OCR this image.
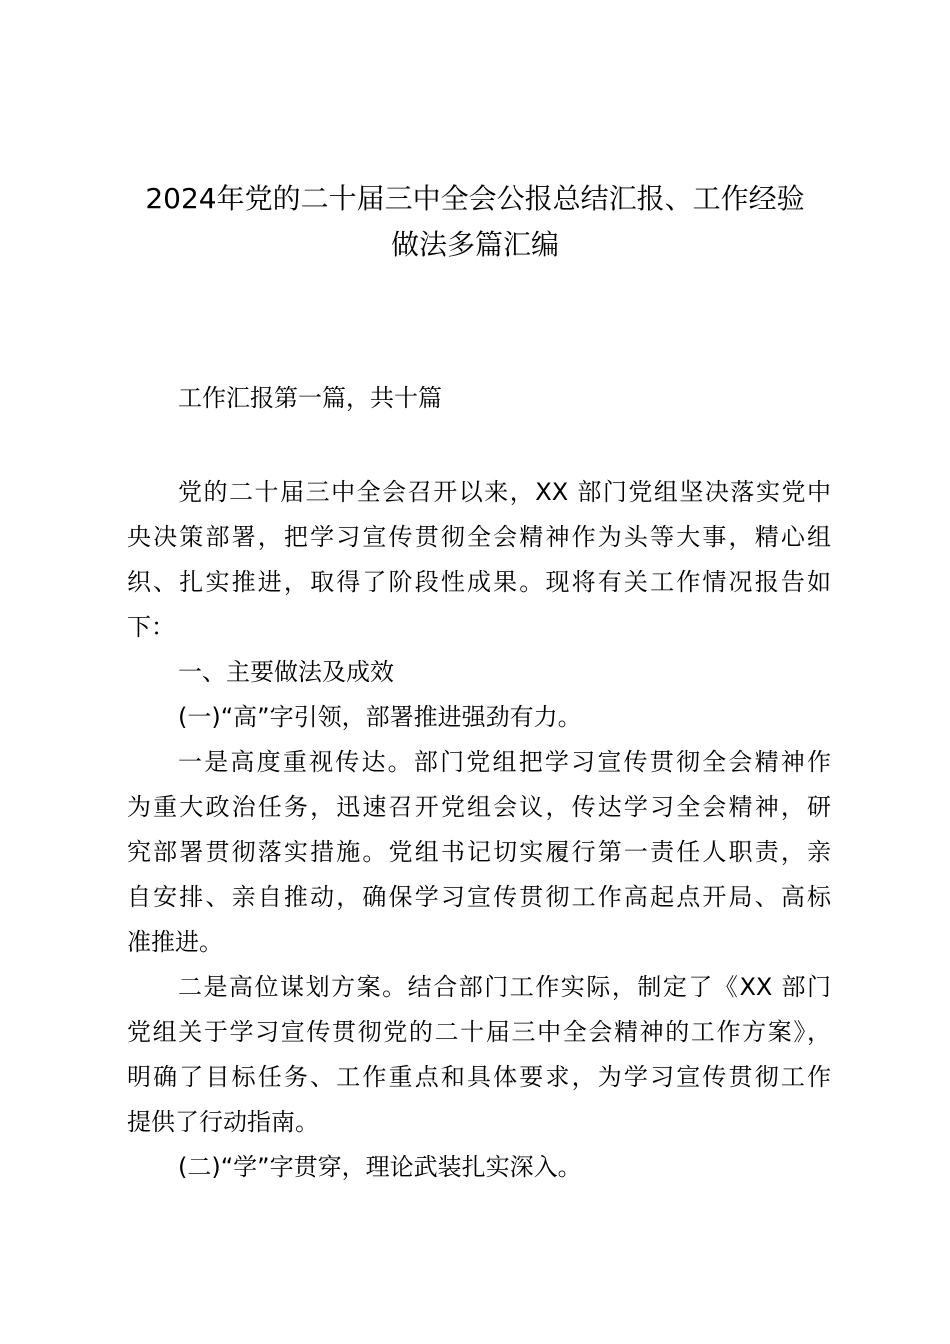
2024年党的二十届三中全会公报总结汇报、工作经验
做法多篇汇编

工作汇报第一篇，共十篇

党的二十届三中全会召开以来，XX 部门党组坚决落实党中
央决策部署，把学习宣传贯彻全会精神作为头等大事，精心组
织、扎实推进，取得了阶段性成果。现将有关工作情况报告如
下：

一、主要做法及成效

(一)“高”字引领，部署推进强劲有力。

一是高度重视传达。部门党组把学习宣传贯彻全会精神作
为重大政治任务，迅速召开党组会议，传达学习全会精神，研
究部署贯彻落实措施。党组书记切实履行第一责任人职责，亲
自安排、亲自推动，确保学习宣传贯彻工作高起点开局、高标
准推进。

二是高位谋划方案。结合部门工作实际，制定了《XX 部门
党组关于学习宣传贯彻党的二十届三中全会精神的工作方案》，
明确了目标任务、工作重点和具体要求，为学习宣传贯彻工作
提供了行动指南。

(二)“学”字贯穿，理论武装扎实深入。
